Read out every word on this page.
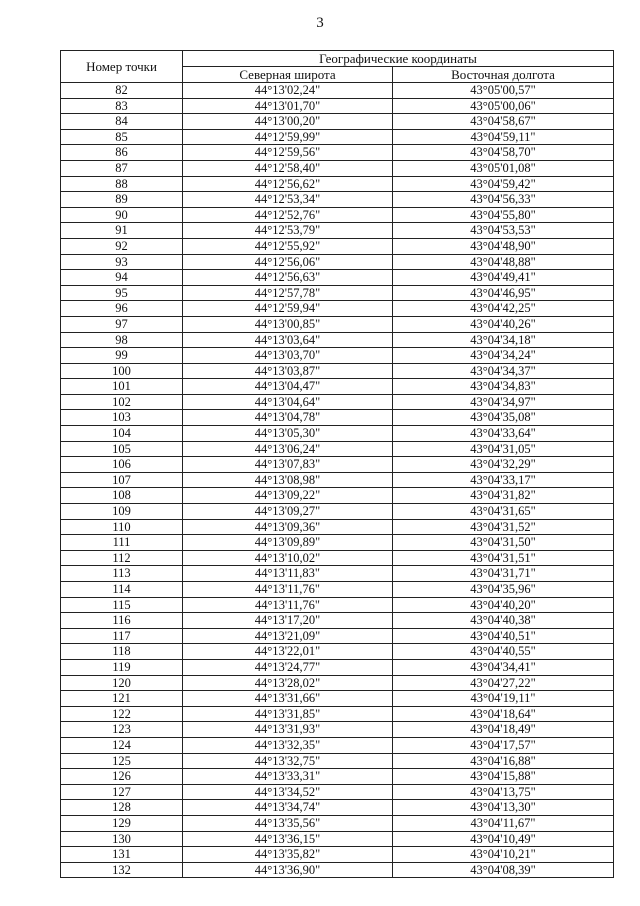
3
Номер точки	Географические координаты	
	Северная широта	Восточная долгота
82	44°13'02,24"	43°05'00,57"
83	44°13'01,70"	43°05'00,06"
84	44°13'00,20"	43°04'58,67"
85	44°12'59,99"	43°04'59,11"
86	44°12'59,56"	43°04'58,70"
87	44°12'58,40"	43°05'01,08"
88	44°12'56,62"	43°04'59,42"
89	44°12'53,34"	43°04'56,33"
90	44°12'52,76"	43°04'55,80"
91	44°12'53,79"	43°04'53,53"
92	44°12'55,92"	43°04'48,90"
93	44°12'56,06"	43°04'48,88"
94	44°12'56,63"	43°04'49,41"
95	44°12'57,78"	43°04'46,95"
96	44°12'59,94"	43°04'42,25"
97	44°13'00,85"	43°04'40,26"
98	44°13'03,64"	43°04'34,18"
99	44°13'03,70"	43°04'34,24"
100	44°13'03,87"	43°04'34,37"
101	44°13'04,47"	43°04'34,83"
102	44°13'04,64"	43°04'34,97"
103	44°13'04,78"	43°04'35,08"
104	44°13'05,30"	43°04'33,64"
105	44°13'06,24"	43°04'31,05"
106	44°13'07,83"	43°04'32,29"
107	44°13'08,98"	43°04'33,17"
108	44°13'09,22"	43°04'31,82"
109	44°13'09,27"	43°04'31,65"
110	44°13'09,36"	43°04'31,52"
111	44°13'09,89"	43°04'31,50"
112	44°13'10,02"	43°04'31,51"
113	44°13'11,83"	43°04'31,71"
114	44°13'11,76"	43°04'35,96"
115	44°13'11,76"	43°04'40,20"
116	44°13'17,20"	43°04'40,38"
117	44°13'21,09"	43°04'40,51"
118	44°13'22,01"	43°04'40,55"
119	44°13'24,77"	43°04'34,41"
120	44°13'28,02"	43°04'27,22"
121	44°13'31,66"	43°04'19,11"
122	44°13'31,85"	43°04'18,64"
123	44°13'31,93"	43°04'18,49"
124	44°13'32,35"	43°04'17,57"
125	44°13'32,75"	43°04'16,88"
126	44°13'33,31"	43°04'15,88"
127	44°13'34,52"	43°04'13,75"
128	44°13'34,74"	43°04'13,30"
129	44°13'35,56"	43°04'11,67"
130	44°13'36,15"	43°04'10,49"
131	44°13'35,82"	43°04'10,21"
132	44°13'36,90"	43°04'08,39"
